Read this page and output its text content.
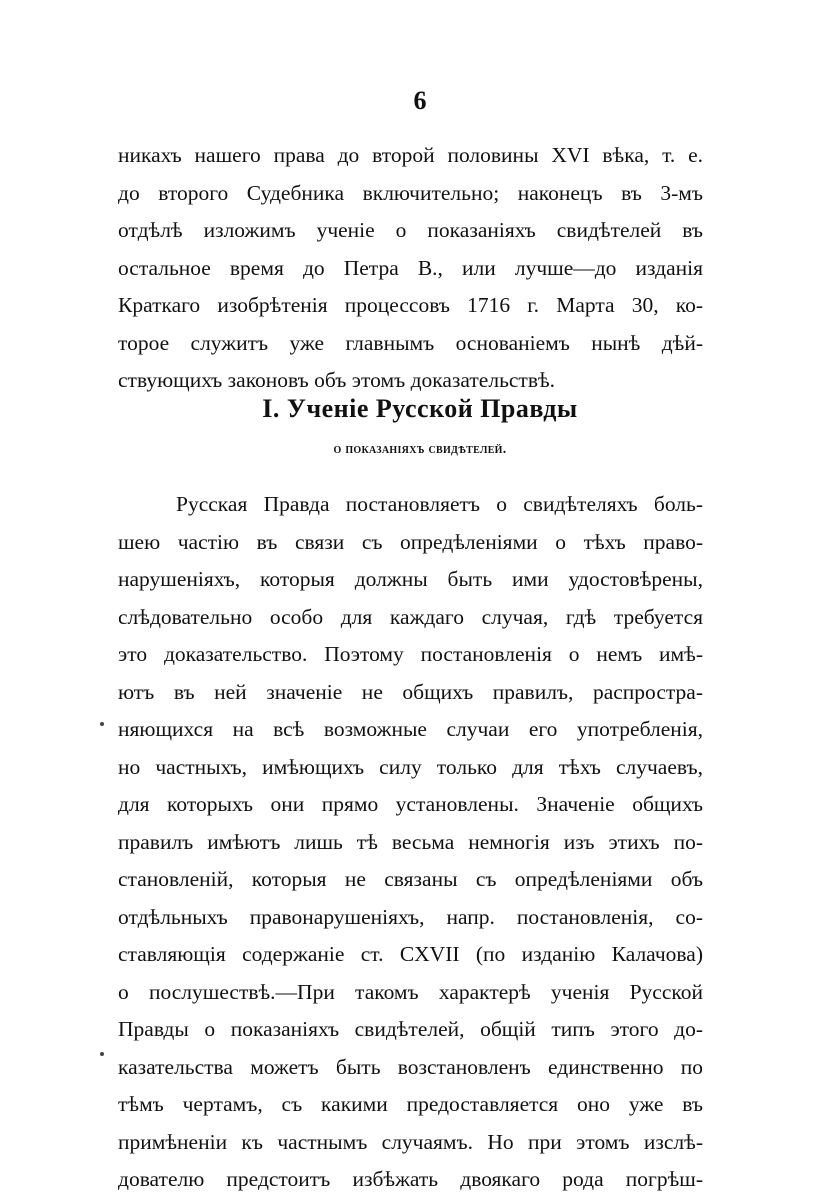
6
никахъ нашего права до второй половины XVI вѣка, т. е.
до второго Судебника включительно; наконецъ въ 3-мъ
отдѣлѣ изложимъ ученіе о показаніяхъ свидѣтелей въ
остальное время до Петра В., или лучше—до изданія
Краткаго изобрѣтенія процессовъ 1716 г. Марта 30, ко-
торое служитъ уже главнымъ основаніемъ нынѣ дѣй-
ствующихъ законовъ объ этомъ доказательствѣ.
I. Ученіе Русской Правды
о показаніяхъ свидѣтелей.
Русская Правда постановляетъ о свидѣтеляхъ боль-
шею частію въ связи съ опредѣленіями о тѣхъ право-
нарушеніяхъ, которыя должны быть ими удостовѣрены,
слѣдовательно особо для каждаго случая, гдѣ требуется
это доказательство. Поэтому постановленія о немъ имѣ-
ютъ въ ней значеніе не общихъ правилъ, распростра-
няющихся на всѣ возможные случаи его употребленія,
но частныхъ, имѣющихъ силу только для тѣхъ случаевъ,
для которыхъ они прямо установлены. Значеніе общихъ
правилъ имѣютъ лишь тѣ весьма немногія изъ этихъ по-
становленій, которыя не связаны съ опредѣленіями объ
отдѣльныхъ правонарушеніяхъ, напр. постановленія, со-
ставляющія содержаніе ст. CXVII (по изданію Калачова)
о послушествѣ.—При такомъ характерѣ ученія Русской
Правды о показаніяхъ свидѣтелей, общій типъ этого до-
казательства можетъ быть возстановленъ единственно по
тѣмъ чертамъ, съ какими предоставляется оно уже въ
примѣненіи къ частнымъ случаямъ. Но при этомъ изслѣ-
дователю предстоитъ избѣжать двоякаго рода погрѣш-
